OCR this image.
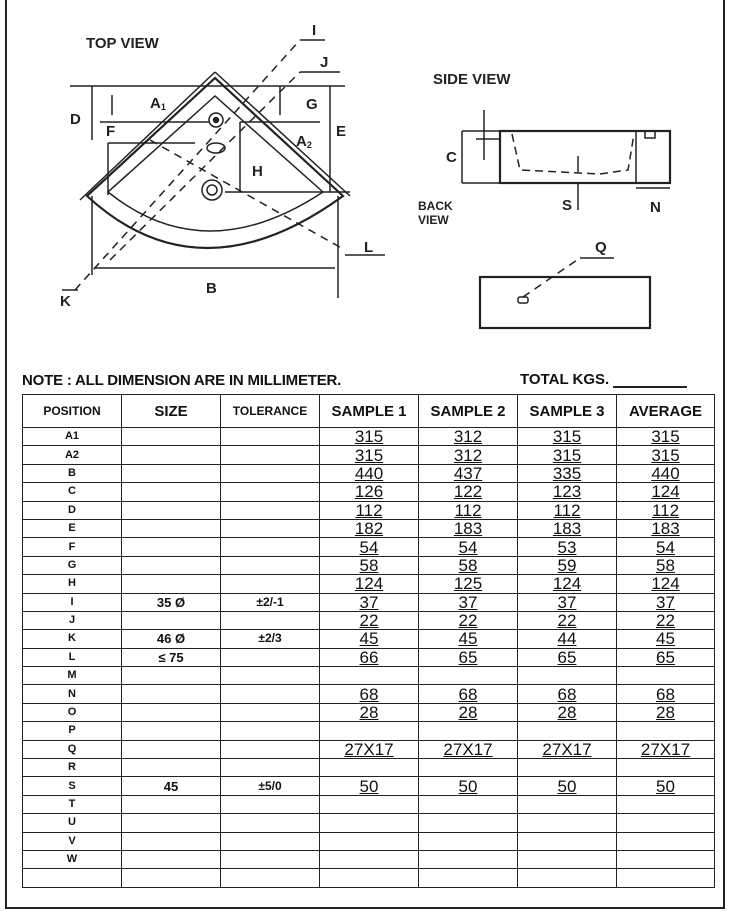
TOP VIEW
SIDE VIEW
BACK
VIEW
A1
A2
B
C
D
E
F
G
H
I
J
K
L
N
Q
S
NOTE : ALL DIMENSION ARE IN MILLIMETER.	TOTAL KGS.
POSITION	SIZE	TOLERANCE	SAMPLE 1	SAMPLE 2	SAMPLE 3	AVERAGE
A1			315	312	315	315
A2			315	312	315	315
B			440	437	335	440
C			126	122	123	124
D			112	112	112	112
E			182	183	183	183
F			54	54	53	54
G			58	58	59	58
H			124	125	124	124
I	35 Ø	±2/-1	37	37	37	37
J			22	22	22	22
K	46 Ø	±2/3	45	45	44	45
L	≤ 75		66	65	65	65
M						
N			68	68	68	68
O			28	28	28	28
P						
Q			27X17	27X17	27X17	27X17
R						
S	45	±5/0	50	50	50	50
T						
U						
V						
W						
